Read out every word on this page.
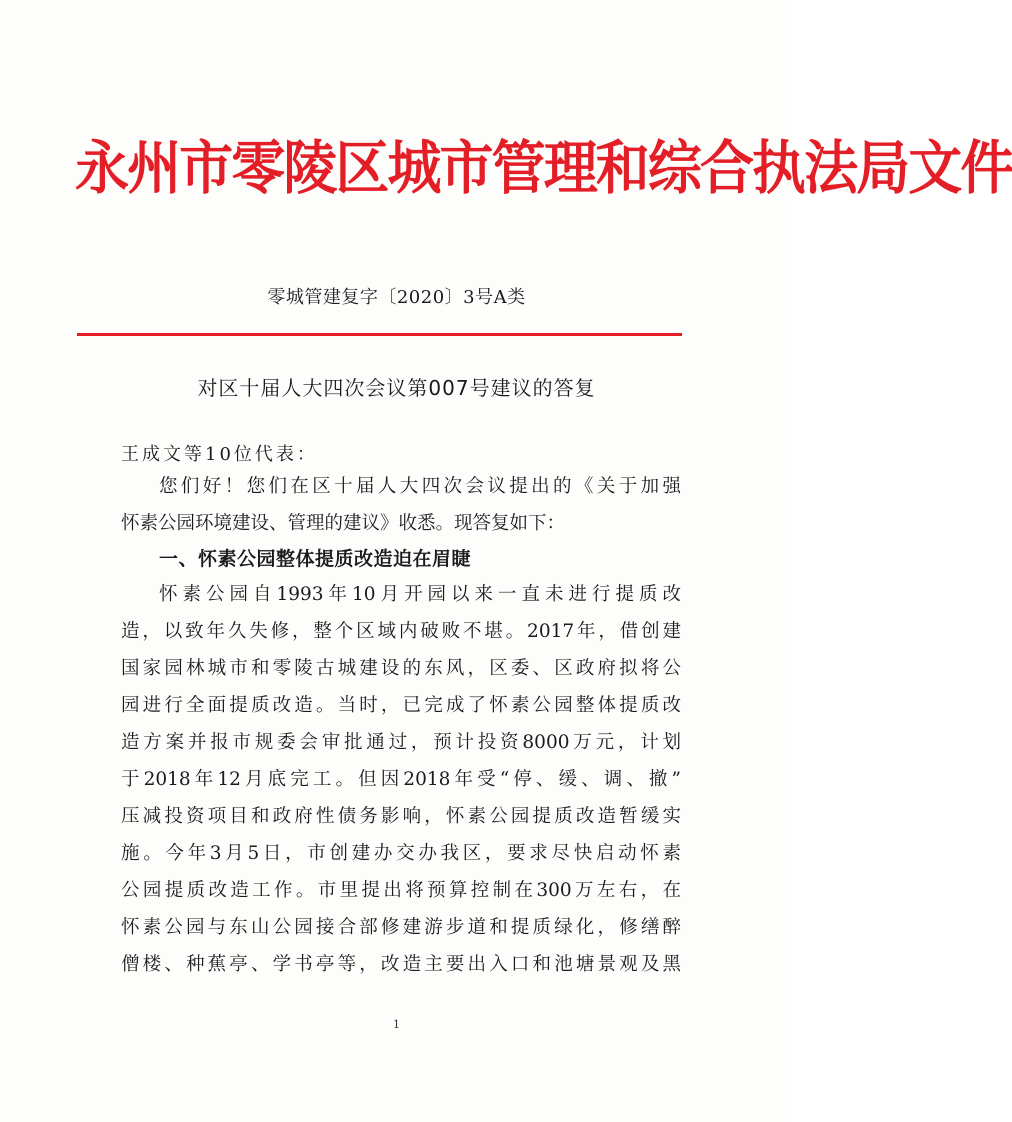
永州市零陵区城市管理和综合执法局文件
零城管建复字〔2020〕3号A类
对区十届人大四次会议第007号建议的答复
王成文等10位代表：
您们好！您们在区十届人大四次会议提出的《关于加强
怀素公园环境建设、管理的建议》收悉。现答复如下：
一、怀素公园整体提质改造迫在眉睫
怀素公园自1993年10月开园以来一直未进行提质改
造，以致年久失修，整个区域内破败不堪。2017年，借创建
国家园林城市和零陵古城建设的东风，区委、区政府拟将公
园进行全面提质改造。当时，已完成了怀素公园整体提质改
造方案并报市规委会审批通过，预计投资8000万元，计划
于2018年12月底完工。但因2018年受“停、缓、调、撤”
压减投资项目和政府性债务影响，怀素公园提质改造暂缓实
施。今年3月5日，市创建办交办我区，要求尽快启动怀素
公园提质改造工作。市里提出将预算控制在300万左右，在
怀素公园与东山公园接合部修建游步道和提质绿化，修缮醉
僧楼、种蕉亭、学书亭等，改造主要出入口和池塘景观及黑
1
